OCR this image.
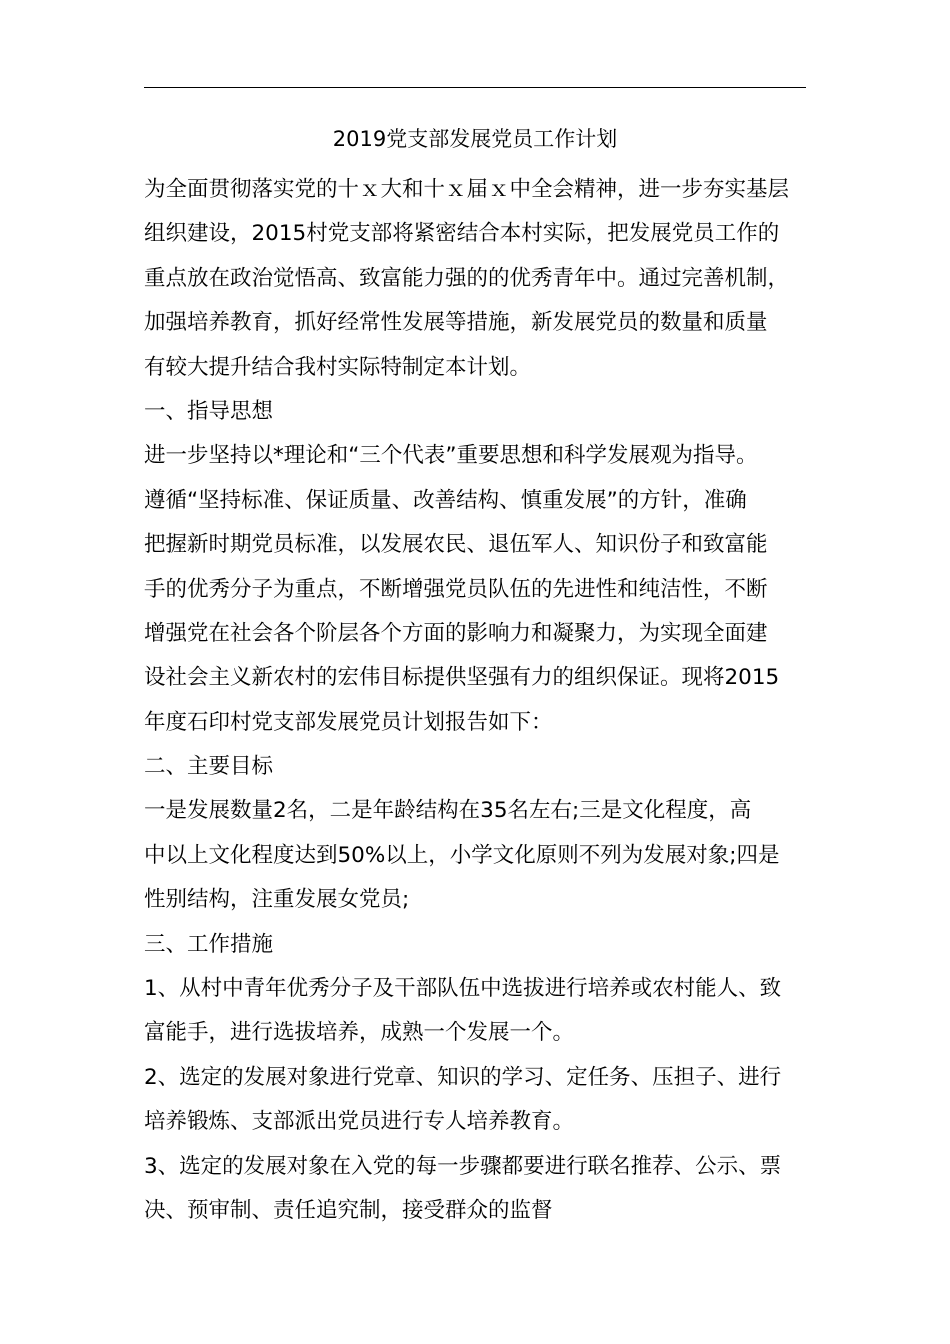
2019党支部发展党员工作计划
为全面贯彻落实党的十ｘ大和十ｘ届ｘ中全会精神，进一步夯实基层
组织建设，2015村党支部将紧密结合本村实际，把发展党员工作的
重点放在政治觉悟高、致富能力强的的优秀青年中。通过完善机制，
加强培养教育，抓好经常性发展等措施，新发展党员的数量和质量
有较大提升结合我村实际特制定本计划。
一、指导思想
进一步坚持以*理论和“三个代表”重要思想和科学发展观为指导。
遵循“坚持标准、保证质量、改善结构、慎重发展”的方针，准确
把握新时期党员标准，以发展农民、退伍军人、知识份子和致富能
手的优秀分子为重点，不断增强党员队伍的先进性和纯洁性，不断
增强党在社会各个阶层各个方面的影响力和凝聚力，为实现全面建
设社会主义新农村的宏伟目标提供坚强有力的组织保证。现将2015
年度石印村党支部发展党员计划报告如下：
二、主要目标
一是发展数量2名，二是年龄结构在35名左右;三是文化程度，高
中以上文化程度达到50%以上，小学文化原则不列为发展对象;四是
性别结构，注重发展女党员;
三、工作措施
1、从村中青年优秀分子及干部队伍中选拔进行培养或农村能人、致
富能手，进行选拔培养，成熟一个发展一个。
2、选定的发展对象进行党章、知识的学习、定任务、压担子、进行
培养锻炼、支部派出党员进行专人培养教育。
3、选定的发展对象在入党的每一步骤都要进行联名推荐、公示、票
决、预审制、责任追究制，接受群众的监督
